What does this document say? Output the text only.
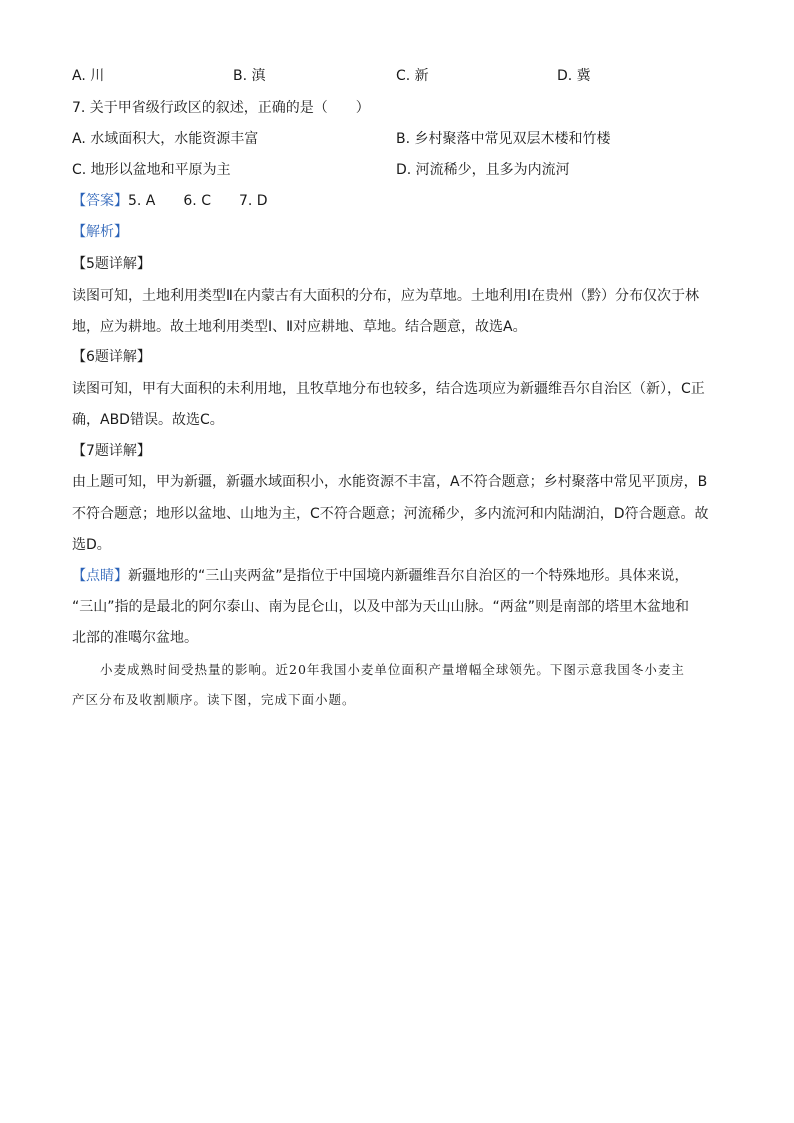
A. 川	B. 滇	C. 新	D. 冀
7. 关于甲省级行政区的叙述，正确的是（　　）
A. 水域面积大，水能资源丰富	B. 乡村聚落中常见双层木楼和竹楼
C. 地形以盆地和平原为主	D. 河流稀少，且多为内流河
【答案】5. A　　6. C　　7. D
【解析】
【5题详解】
读图可知，土地利用类型Ⅱ在内蒙古有大面积的分布，应为草地。土地利用Ⅰ在贵州（黔）分布仅次于林
地，应为耕地。故土地利用类型Ⅰ、Ⅱ对应耕地、草地。结合题意，故选A。
【6题详解】
读图可知，甲有大面积的未利用地，且牧草地分布也较多，结合选项应为新疆维吾尔自治区（新），C正
确，ABD错误。故选C。
【7题详解】
由上题可知，甲为新疆，新疆水域面积小，水能资源不丰富，A不符合题意；乡村聚落中常见平顶房，B
不符合题意；地形以盆地、山地为主，C不符合题意；河流稀少，多内流河和内陆湖泊，D符合题意。故
选D。
【点睛】新疆地形的“三山夹两盆”是指位于中国境内新疆维吾尔自治区的一个特殊地形。具体来说，
“三山”指的是最北的阿尔泰山、南为昆仑山，以及中部为天山山脉。“两盆”则是南部的塔里木盆地和
北部的准噶尔盆地。
小麦成熟时间受热量的影响。近20年我国小麦单位面积产量增幅全球领先。下图示意我国冬小麦主
产区分布及收割顺序。读下图，完成下面小题。
